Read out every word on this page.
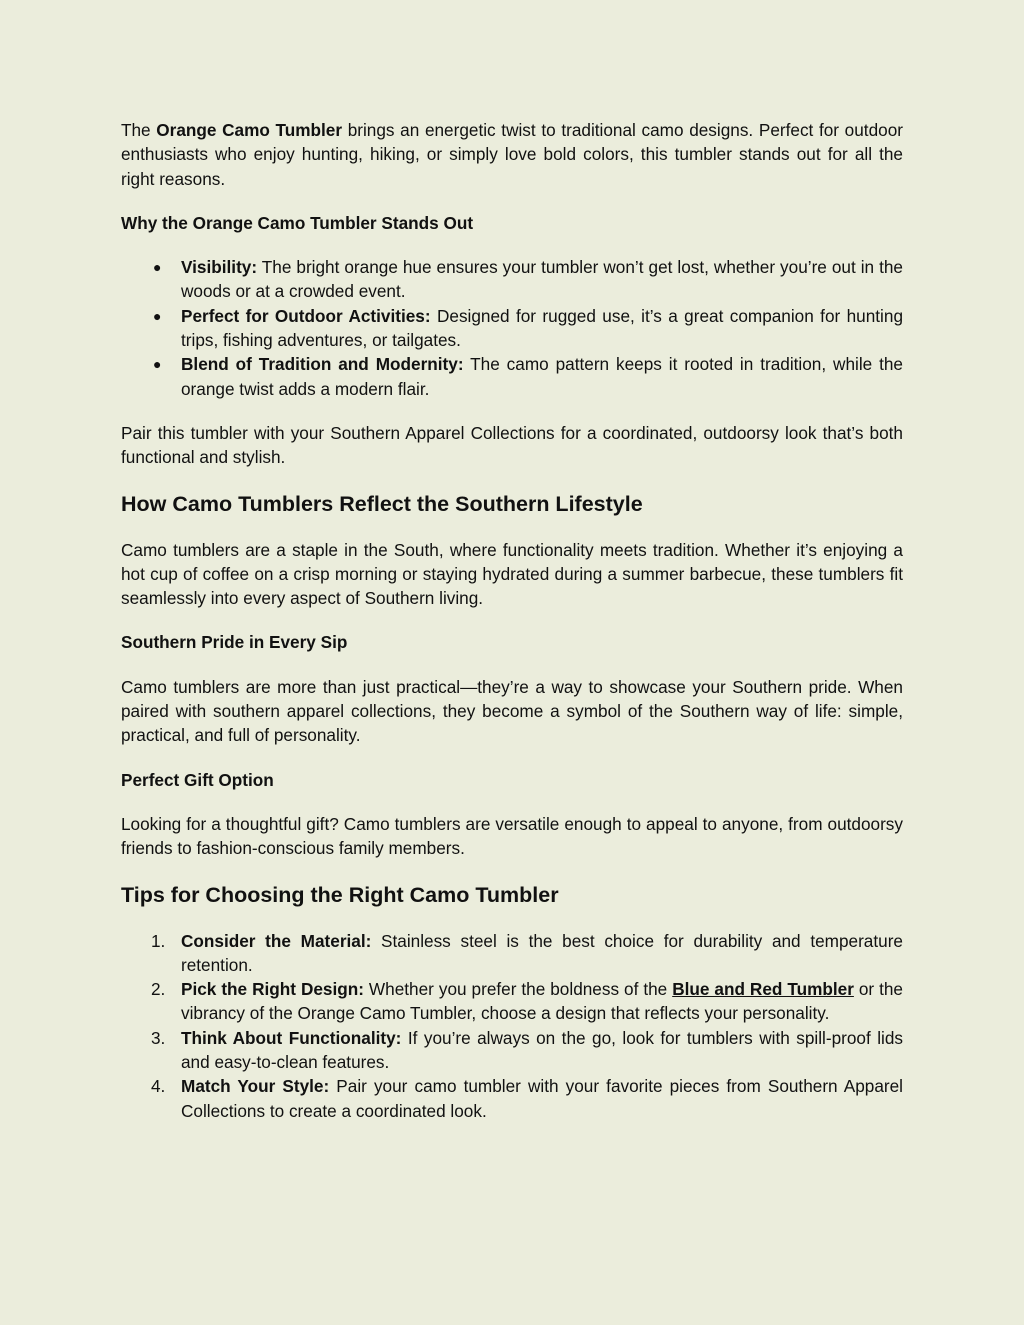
The Orange Camo Tumbler brings an energetic twist to traditional camo designs. Perfect for outdoor enthusiasts who enjoy hunting, hiking, or simply love bold colors, this tumbler stands out for all the right reasons.

Why the Orange Camo Tumbler Stands Out
● Visibility: The bright orange hue ensures your tumbler won’t get lost, whether you’re out in the woods or at a crowded event.
● Perfect for Outdoor Activities: Designed for rugged use, it’s a great companion for hunting trips, fishing adventures, or tailgates.
● Blend of Tradition and Modernity: The camo pattern keeps it rooted in tradition, while the orange twist adds a modern flair.

Pair this tumbler with your Southern Apparel Collections for a coordinated, outdoorsy look that’s both functional and stylish.

How Camo Tumblers Reflect the Southern Lifestyle

Camo tumblers are a staple in the South, where functionality meets tradition. Whether it’s enjoying a hot cup of coffee on a crisp morning or staying hydrated during a summer barbecue, these tumblers fit seamlessly into every aspect of Southern living.

Southern Pride in Every Sip

Camo tumblers are more than just practical—they’re a way to showcase your Southern pride. When paired with southern apparel collections, they become a symbol of the Southern way of life: simple, practical, and full of personality.

Perfect Gift Option

Looking for a thoughtful gift? Camo tumblers are versatile enough to appeal to anyone, from outdoorsy friends to fashion-conscious family members.

Tips for Choosing the Right Camo Tumbler
1. Consider the Material: Stainless steel is the best choice for durability and temperature retention.
2. Pick the Right Design: Whether you prefer the boldness of the Blue and Red Tumbler or the vibrancy of the Orange Camo Tumbler, choose a design that reflects your personality.
3. Think About Functionality: If you’re always on the go, look for tumblers with spill-proof lids and easy-to-clean features.
4. Match Your Style: Pair your camo tumbler with your favorite pieces from Southern Apparel Collections to create a coordinated look.
